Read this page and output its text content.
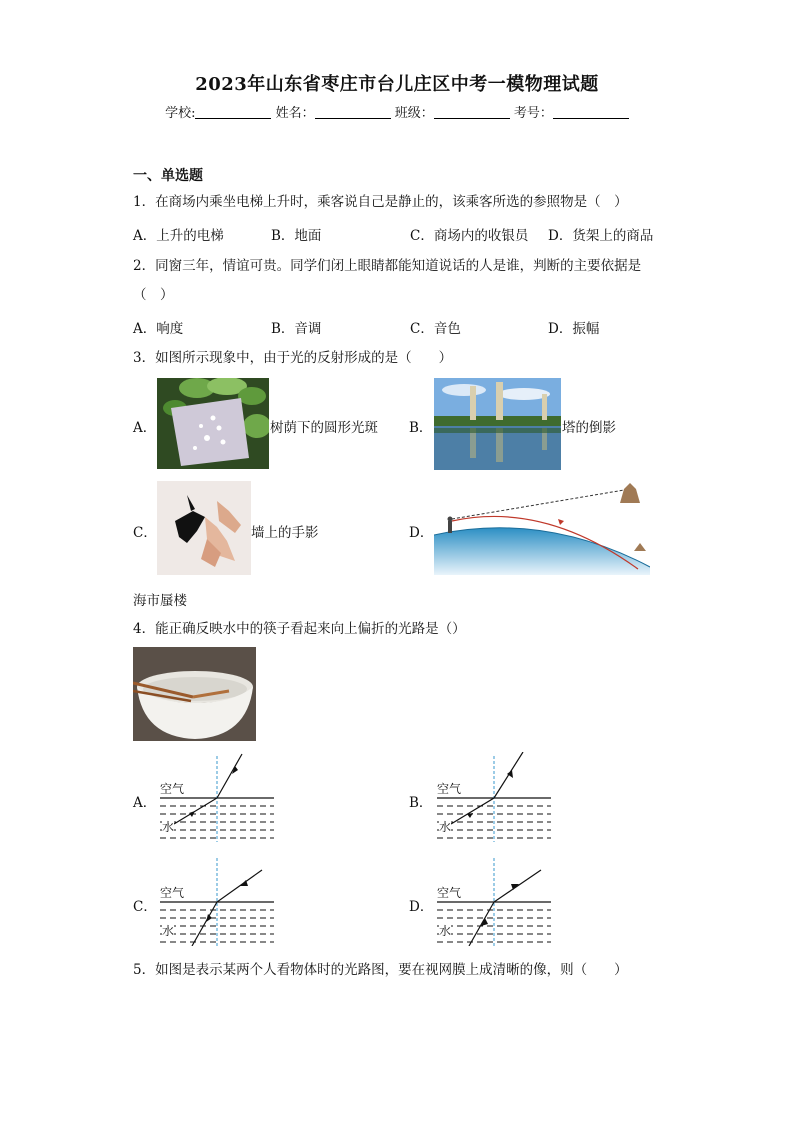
2023年山东省枣庄市台儿庄区中考一模物理试题
学校:	姓名：	班级：	考号：
一、单选题
1．在商场内乘坐电梯上升时，乘客说自己是静止的，该乘客所选的参照物是（　）
A．上升的电梯	B．地面	C．商场内的收银员 D．货架上的商品
2．同窗三年，情谊可贵。同学们闭上眼睛都能知道说话的人是谁，判断的主要依据是
（　）
A．响度	B．音调	C．音色	D．振幅
3．如图所示现象中，由于光的反射形成的是（　　）
A．	树荫下的圆形光斑 B．	塔的倒影
C．	墙上的手影	D．
海市蜃楼
4．能正确反映水中的筷子看起来向上偏折的光路是（）
A．
空气
水
B．
空气
水
C．
空气
水
D．
空气
水
5．如图是表示某两个人看物体时的光路图，要在视网膜上成清晰的像，则（　　）
